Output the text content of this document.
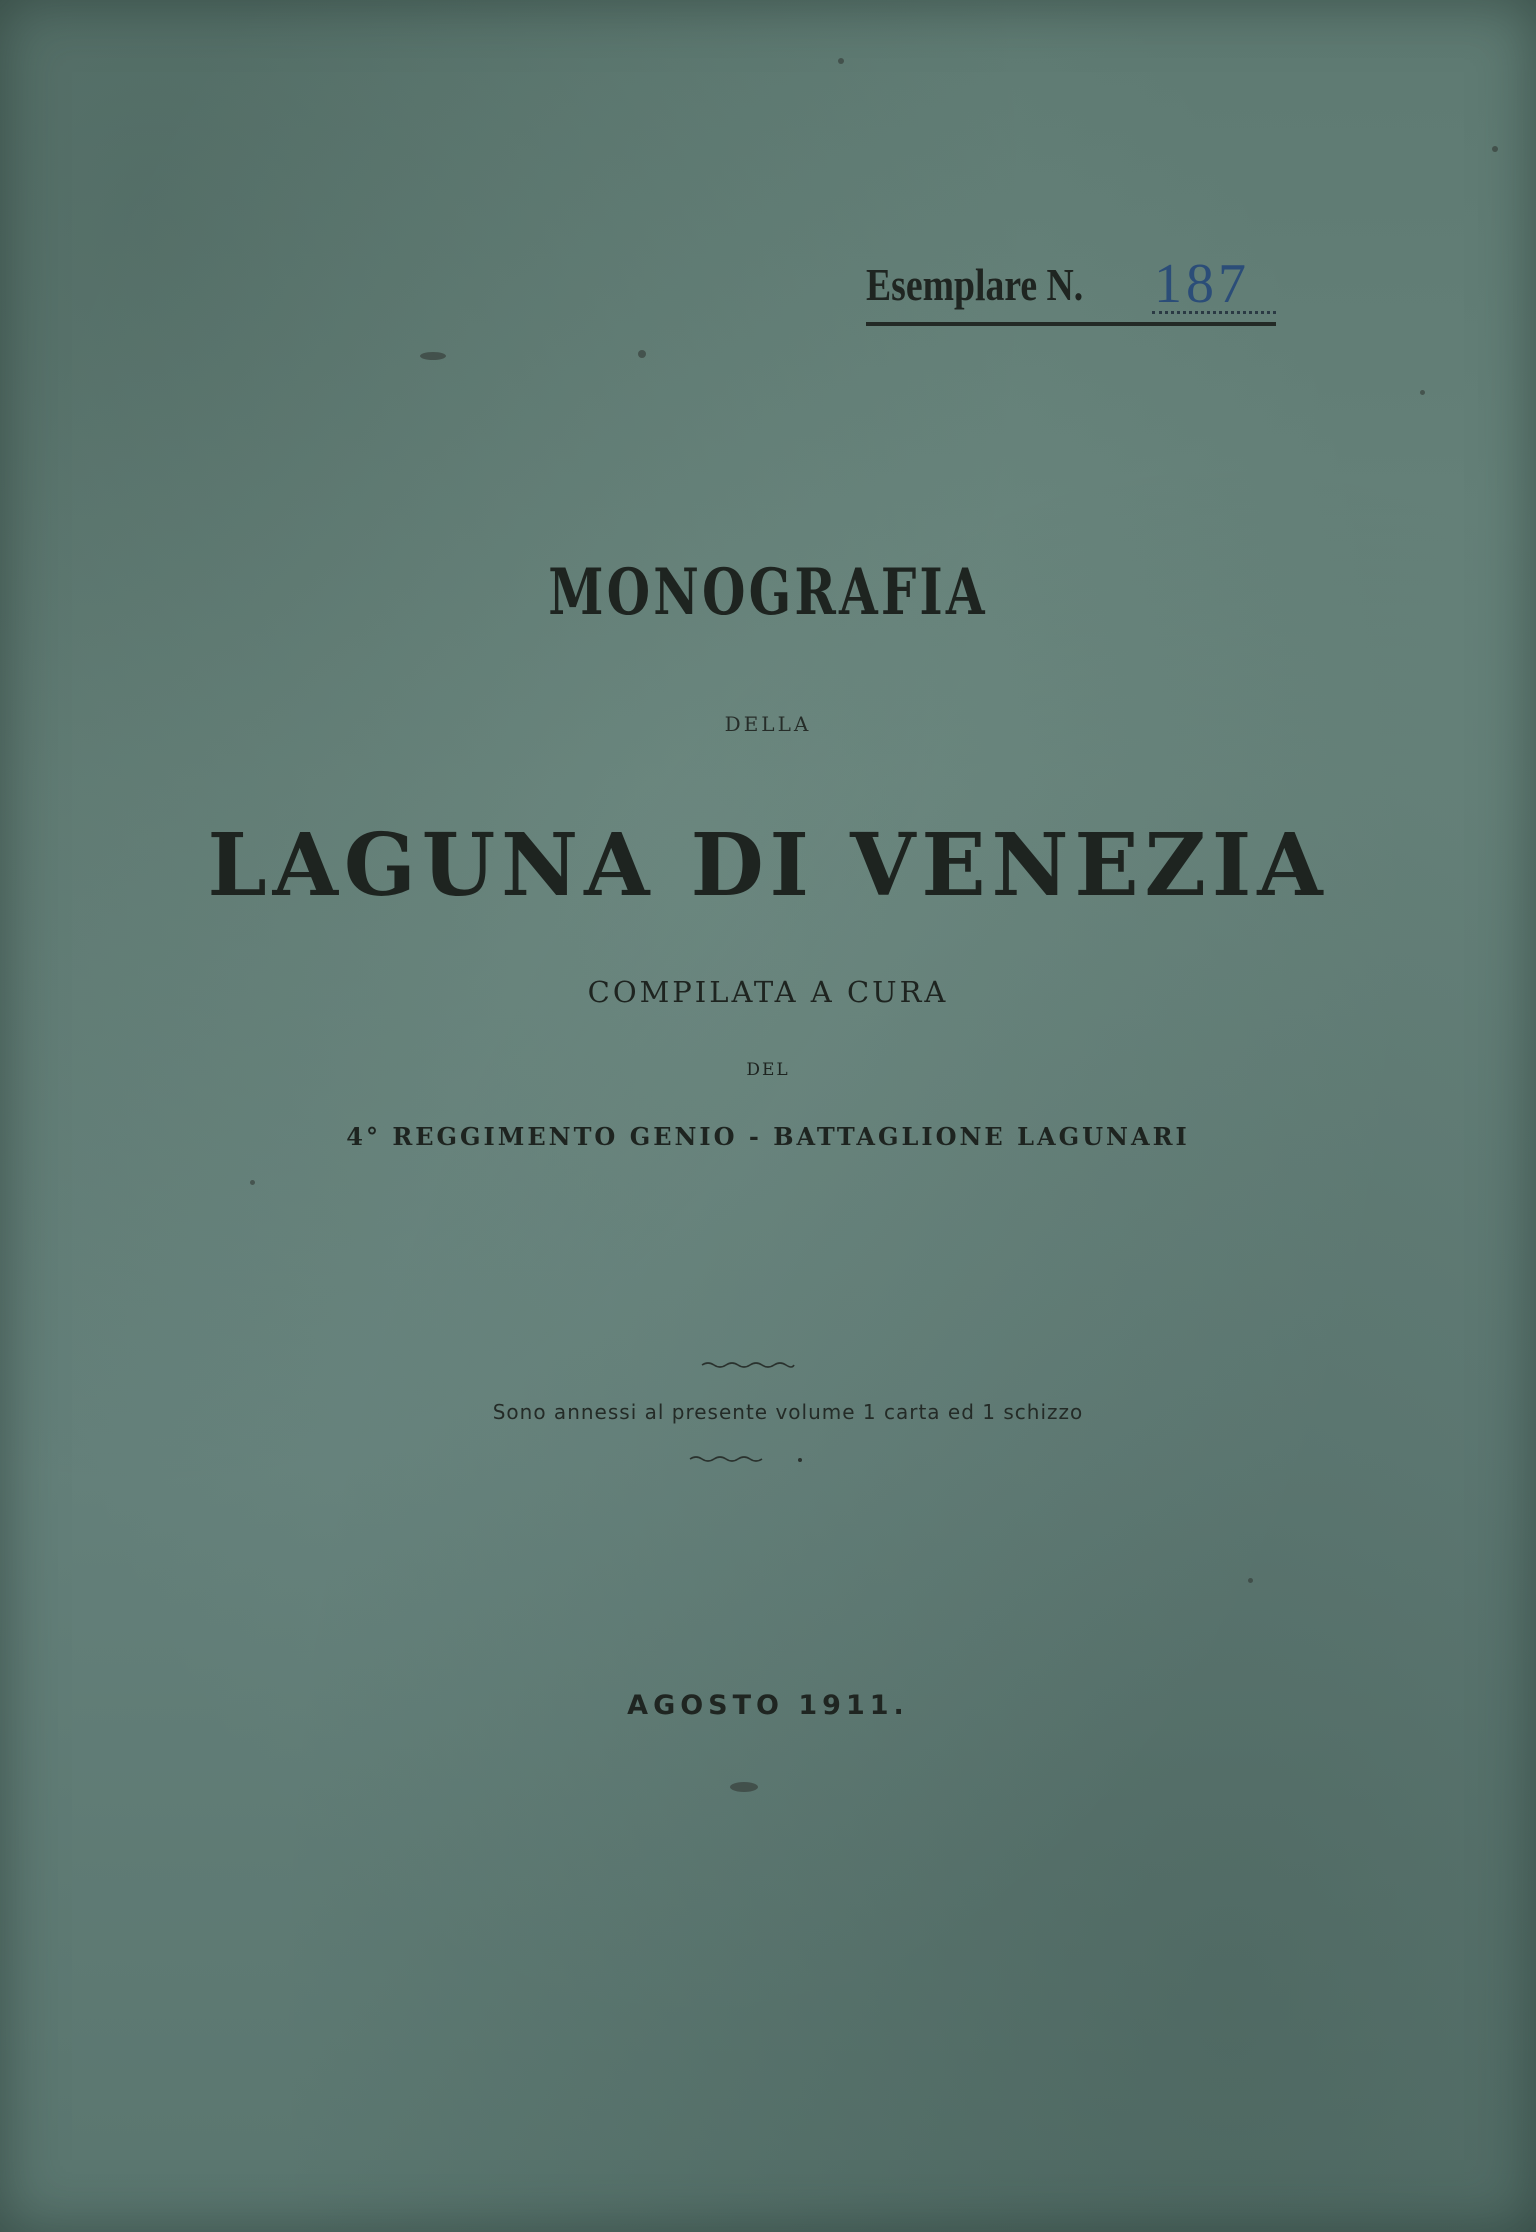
Esemplare N. 187
MONOGRAFIA
DELLA
LAGUNA DI VENEZIA
COMPILATA A CURA
DEL
4° REGGIMENTO GENIO - BATTAGLIONE LAGUNARI
Sono annessi al presente volume 1 carta ed 1 schizzo
AGOSTO 1911.
